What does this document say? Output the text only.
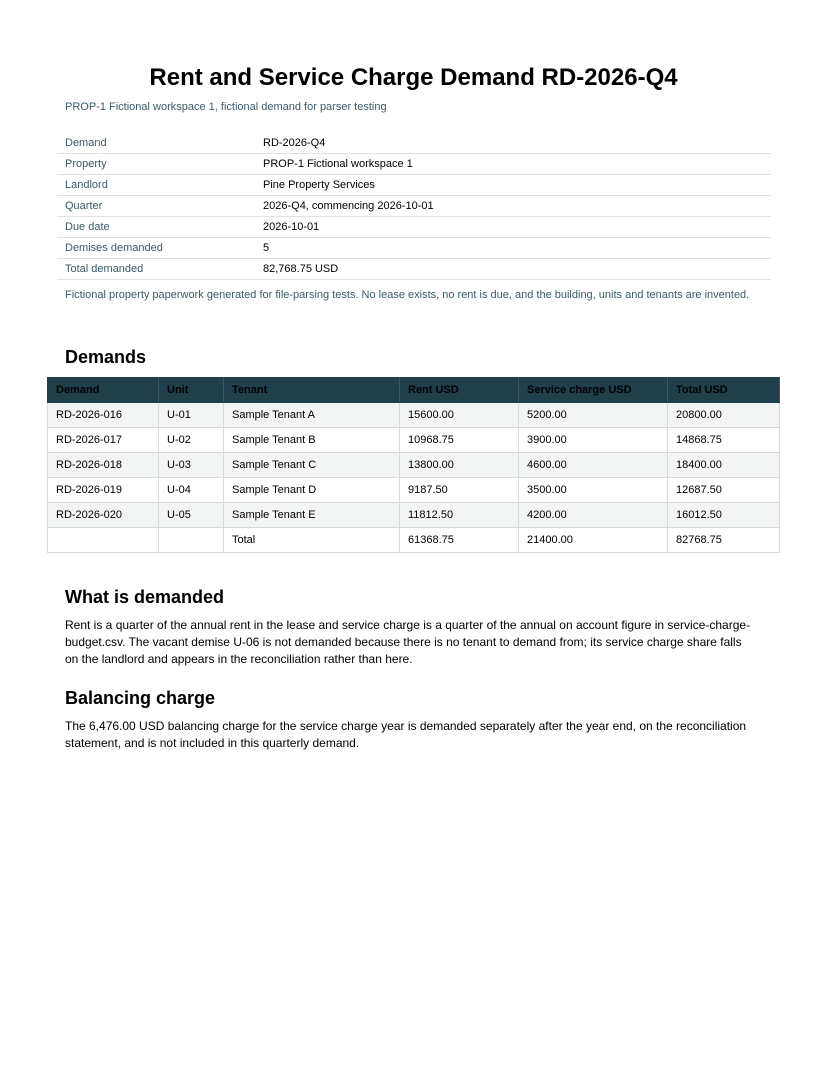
Rent and Service Charge Demand RD-2026-Q4
PROP-1 Fictional workspace 1, fictional demand for parser testing
Demand	RD-2026-Q4
Property	PROP-1 Fictional workspace 1
Landlord	Pine Property Services
Quarter	2026-Q4, commencing 2026-10-01
Due date	2026-10-01
Demises demanded	5
Total demanded	82,768.75 USD
Fictional property paperwork generated for file-parsing tests. No lease exists, no rent is due, and the building, units and tenants are invented.
Demands
Demand	Unit	Tenant	Rent USD	Service charge USD	Total USD
RD-2026-016	U-01	Sample Tenant A	15600.00	5200.00	20800.00
RD-2026-017	U-02	Sample Tenant B	10968.75	3900.00	14868.75
RD-2026-018	U-03	Sample Tenant C	13800.00	4600.00	18400.00
RD-2026-019	U-04	Sample Tenant D	9187.50	3500.00	12687.50
RD-2026-020	U-05	Sample Tenant E	11812.50	4200.00	16012.50
		Total	61368.75	21400.00	82768.75
What is demanded

Rent is a quarter of the annual rent in the lease and service charge is a quarter of the annual on account figure in service-charge-budget.csv. The vacant demise U-06 is not demanded because there is no tenant to demand from; its service charge share falls on the landlord and appears in the reconciliation rather than here.

Balancing charge

The 6,476.00 USD balancing charge for the service charge year is demanded separately after the year end, on the reconciliation statement, and is not included in this quarterly demand.
